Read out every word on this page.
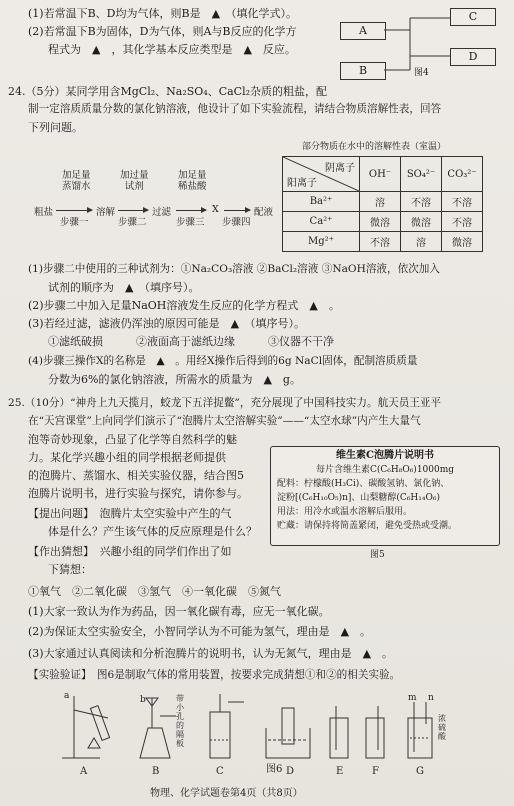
(1)若常温下B、D均为气体，则B是　▲　（填化学式）。
(2)若常温下B为固体，D为气体，则A与B反应的化学方
程式为　▲　，其化学基本反应类型是　▲　反应。
A
B
C
D
图4
24.（5分）某同学用含MgCl₂、Na₂SO₄、CaCl₂杂质的粗盐，配
制一定溶质质量分数的氯化钠溶液，他设计了如下实验流程，请结合物质溶解性表，回答
下列问题。
粗盐
加足量
蒸馏水
步骤一
溶解
加过量
试剂
步骤二
过滤
加足量
稀盐酸
步骤三
X
步骤四
配液
部分物质在水中的溶解性表（室温）
阴离子
阳离子	OH⁻	SO₄²⁻	CO₃²⁻
Ba²⁺	溶	不溶	不溶
Ca²⁺	微溶	微溶	不溶
Mg²⁺	不溶	溶	微溶
(1)步骤二中使用的三种试剂为：①Na₂CO₃溶液 ②BaCl₂溶液 ③NaOH溶液，依次加入
试剂的顺序为　▲　（填序号）。
(2)步骤二中加入足量NaOH溶液发生反应的化学方程式　▲　。
(3)若经过滤，滤液仍浑浊的原因可能是　▲　（填序号）。
①滤纸破损　　　②液面高于滤纸边缘　　　③仪器不干净
(4)步骤三操作X的名称是　▲　。用经X操作后得到的6g NaCl固体，配制溶质质量
分数为6%的氯化钠溶液，所需水的质量为　▲　g。
25.（10分）“神舟上九天揽月，蛟龙下五洋捉鳖”，充分展现了中国科技实力。航天员王亚平
在“天宫课堂”上向同学们演示了“泡腾片太空溶解实验”——“太空水球”内产生大量气
泡等奇妙现象，凸显了化学等自然科学的魅
力。某化学兴趣小组的同学根据老师提供
的泡腾片、蒸馏水、相关实验仪器，结合图5
泡腾片说明书，进行实验与探究，请你参与。
【提出问题】　泡腾片太空实验中产生的气
体是什么？产生该气体的反应原理是什么？
【作出猜想】　兴趣小组的同学们作出了如
下猜想：
①氧气　②二氧化碳　③氢气　④一氧化碳　⑤氮气
(1)大家一致认为作为药品，因一氧化碳有毒，应无一氧化碳。
(2)为保证太空实验安全，小智同学认为不可能为氢气，理由是　▲　。
(3)大家通过认真阅读和分析泡腾片的说明书，认为无氮气，理由是　▲　。
【实验验证】　图6是制取气体的常用装置，按要求完成猜想①和②的相关实验。
维生素C泡腾片说明书
每片含维生素C(C₆H₈O₆)1000mg
配料：柠檬酸(H₃Ci)、碳酸氢钠、氯化钠、
淀粉[(C₆H₁₀O₅)n]、山梨糖醇(C₆H₁₄O₆)
用法：用冷水或温水溶解后服用。
贮藏：请保持将简盖紧闭，避免受热或受潮。
图5
A	B	C	D	E	F	G
a	b	m n
图6
带小孔的隔板
浓硫酸
物理、化学试题卷第4页（共8页）
